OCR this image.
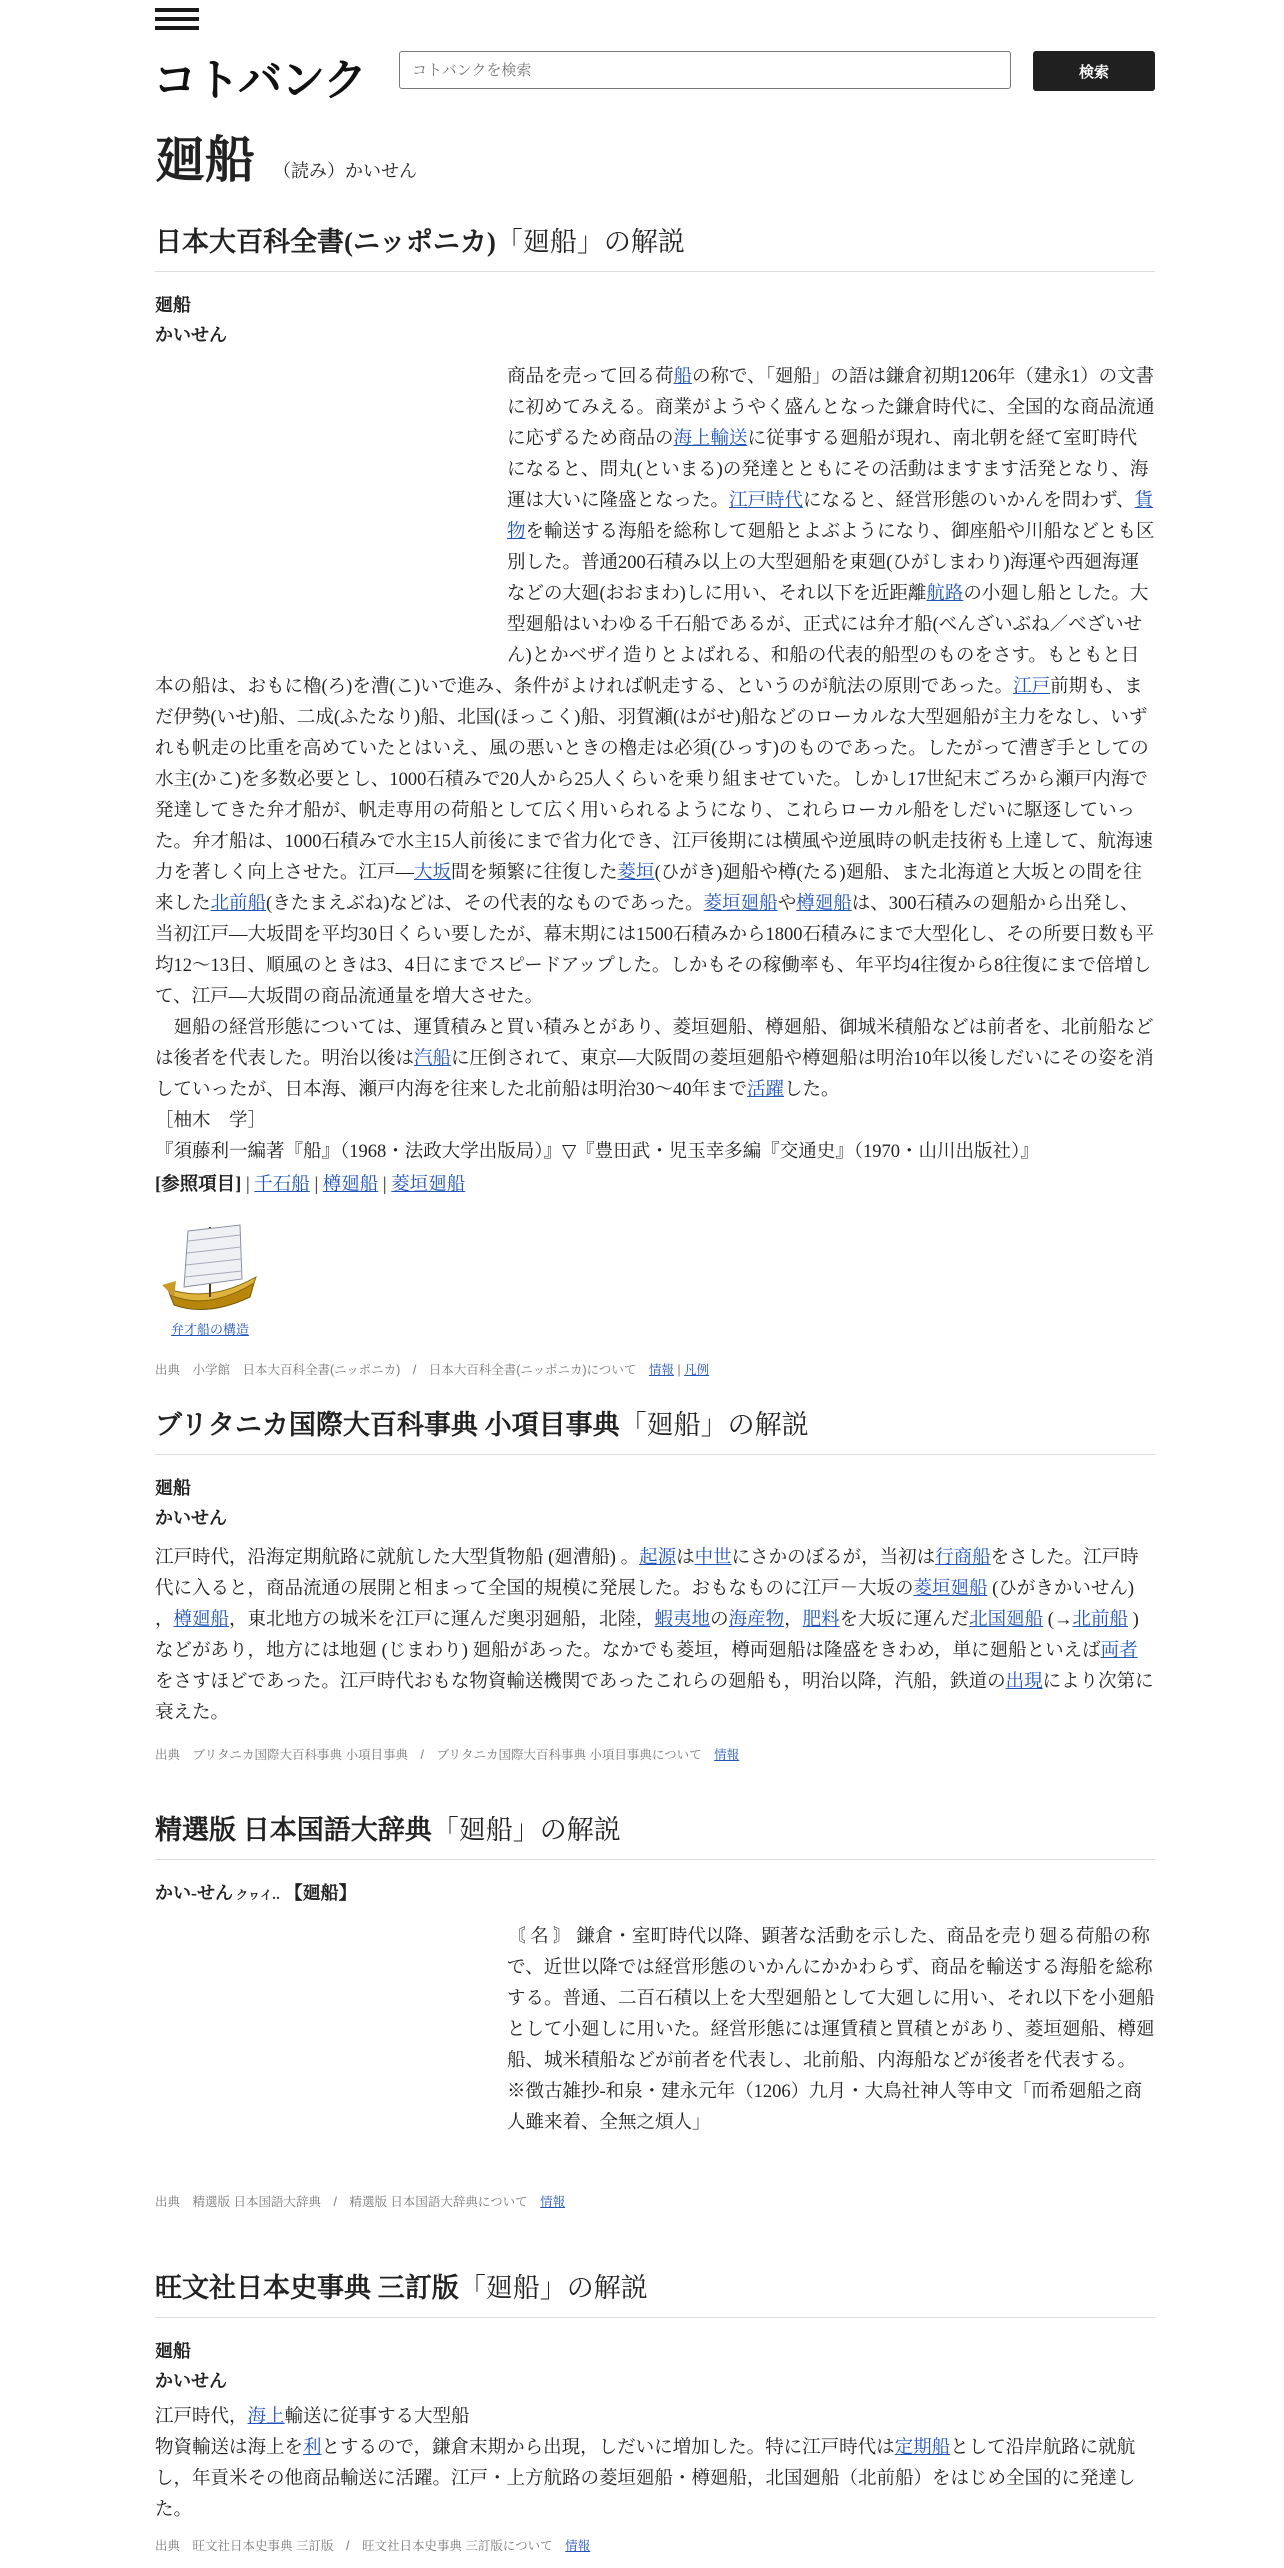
コトバンク
コトバンクを検索	検索
廻船 （読み）かいせん
日本大百科全書(ニッポニカ)「廻船」の解説
廻船
かいせん

商品を売って回る荷船の称で、「廻船」の語は鎌倉初期1206年（建永1）の文書に初めてみえる。商業がようやく盛んとなった鎌倉時代に、全国的な商品流通に応ずるため商品の海上輸送に従事する廻船が現れ、南北朝を経て室町時代になると、問丸(といまる)の発達とともにその活動はますます活発となり、海運は大いに隆盛となった。江戸時代になると、経営形態のいかんを問わず、貨物を輸送する海船を総称して廻船とよぶようになり、御座船や川船などとも区別した。普通200石積み以上の大型廻船を東廻(ひがしまわり)海運や西廻海運などの大廻(おおまわ)しに用い、それ以下を近距離航路の小廻し船とした。大型廻船はいわゆる千石船であるが、正式には弁才船(べんざいぶね／べざいせん)とかベザイ造りとよばれる、和船の代表的船型のものをさす。もともと日本の船は、おもに櫓(ろ)を漕(こ)いで進み、条件がよければ帆走する、というのが航法の原則であった。江戸前期も、まだ伊勢(いせ)船、二成(ふたなり)船、北国(ほっこく)船、羽賀瀬(はがせ)船などのローカルな大型廻船が主力をなし、いずれも帆走の比重を高めていたとはいえ、風の悪いときの櫓走は必須(ひっす)のものであった。したがって漕ぎ手としての水主(かこ)を多数必要とし、1000石積みで20人から25人くらいを乗り組ませていた。しかし17世紀末ごろから瀬戸内海で発達してきた弁才船が、帆走専用の荷船として広く用いられるようになり、これらローカル船をしだいに駆逐していった。弁才船は、1000石積みで水主15人前後にまで省力化でき、江戸後期には横風や逆風時の帆走技術も上達して、航海速力を著しく向上させた。江戸―大坂間を頻繁に往復した菱垣(ひがき)廻船や樽(たる)廻船、また北海道と大坂との間を往来した北前船(きたまえぶね)などは、その代表的なものであった。菱垣廻船や樽廻船は、300石積みの廻船から出発し、当初江戸―大坂間を平均30日くらい要したが、幕末期には1500石積みから1800石積みにまで大型化し、その所要日数も平均12～13日、順風のときは3、4日にまでスピードアップした。しかもその稼働率も、年平均4往復から8往復にまで倍増して、江戸―大坂間の商品流通量を増大させた。

廻船の経営形態については、運賃積みと買い積みとがあり、菱垣廻船、樽廻船、御城米積船などは前者を、北前船などは後者を代表した。明治以後は汽船に圧倒されて、東京―大阪間の菱垣廻船や樽廻船は明治10年以後しだいにその姿を消していったが、日本海、瀬戸内海を往来した北前船は明治30～40年まで活躍した。

［柚木　学］

『須藤利一編著『船』（1968・法政大学出版局）』▽『豊田武・児玉幸多編『交通史』（1970・山川出版社）』

[参照項目] | 千石船 | 樽廻船 | 菱垣廻船

弁才船の構造
出典　小学館　日本大百科全書(ニッポニカ)　/　日本大百科全書(ニッポニカ)について　情報 | 凡例
ブリタニカ国際大百科事典 小項目事典「廻船」の解説
廻船
かいせん

江戸時代，沿海定期航路に就航した大型貨物船 (廻漕船) 。起源は中世にさかのぼるが，当初は行商船をさした。江戸時代に入ると，商品流通の展開と相まって全国的規模に発展した。おもなものに江戸－大坂の菱垣廻船 (ひがきかいせん) ，樽廻船，東北地方の城米を江戸に運んだ奥羽廻船，北陸，蝦夷地の海産物，肥料を大坂に運んだ北国廻船 (→北前船 ) などがあり，地方には地廻 (じまわり) 廻船があった。なかでも菱垣，樽両廻船は隆盛をきわめ，単に廻船といえば両者をさすほどであった。江戸時代おもな物資輸送機関であったこれらの廻船も，明治以降，汽船，鉄道の出現により次第に衰えた。

出典　ブリタニカ国際大百科事典 小項目事典　/　ブリタニカ国際大百科事典 小項目事典について　情報
精選版 日本国語大辞典「廻船」の解説
かい‐せん クヮイ‥ 【廻船】

〘 名 〙 鎌倉・室町時代以降、顕著な活動を示した、商品を売り廻る荷船の称で、近世以降では経営形態のいかんにかかわらず、商品を輸送する海船を総称する。普通、二百石積以上を大型廻船として大廻しに用い、それ以下を小廻船として小廻しに用いた。経営形態には運賃積と買積とがあり、菱垣廻船、樽廻船、城米積船などが前者を代表し、北前船、内海船などが後者を代表する。

※徴古雑抄‐和泉・建永元年（1206）九月・大鳥社神人等申文「而希廻船之商人雖来着、全無之煩人」

出典　精選版 日本国語大辞典　/　精選版 日本国語大辞典について　情報
旺文社日本史事典 三訂版「廻船」の解説
廻船
かいせん

江戸時代，海上輸送に従事する大型船

物資輸送は海上を利とするので，鎌倉末期から出現，しだいに増加した。特に江戸時代は定期船として沿岸航路に就航し，年貢米その他商品輸送に活躍。江戸・上方航路の菱垣廻船・樽廻船，北国廻船（北前船）をはじめ全国的に発達した。

出典　旺文社日本史事典 三訂版　/　旺文社日本史事典 三訂版について　情報
